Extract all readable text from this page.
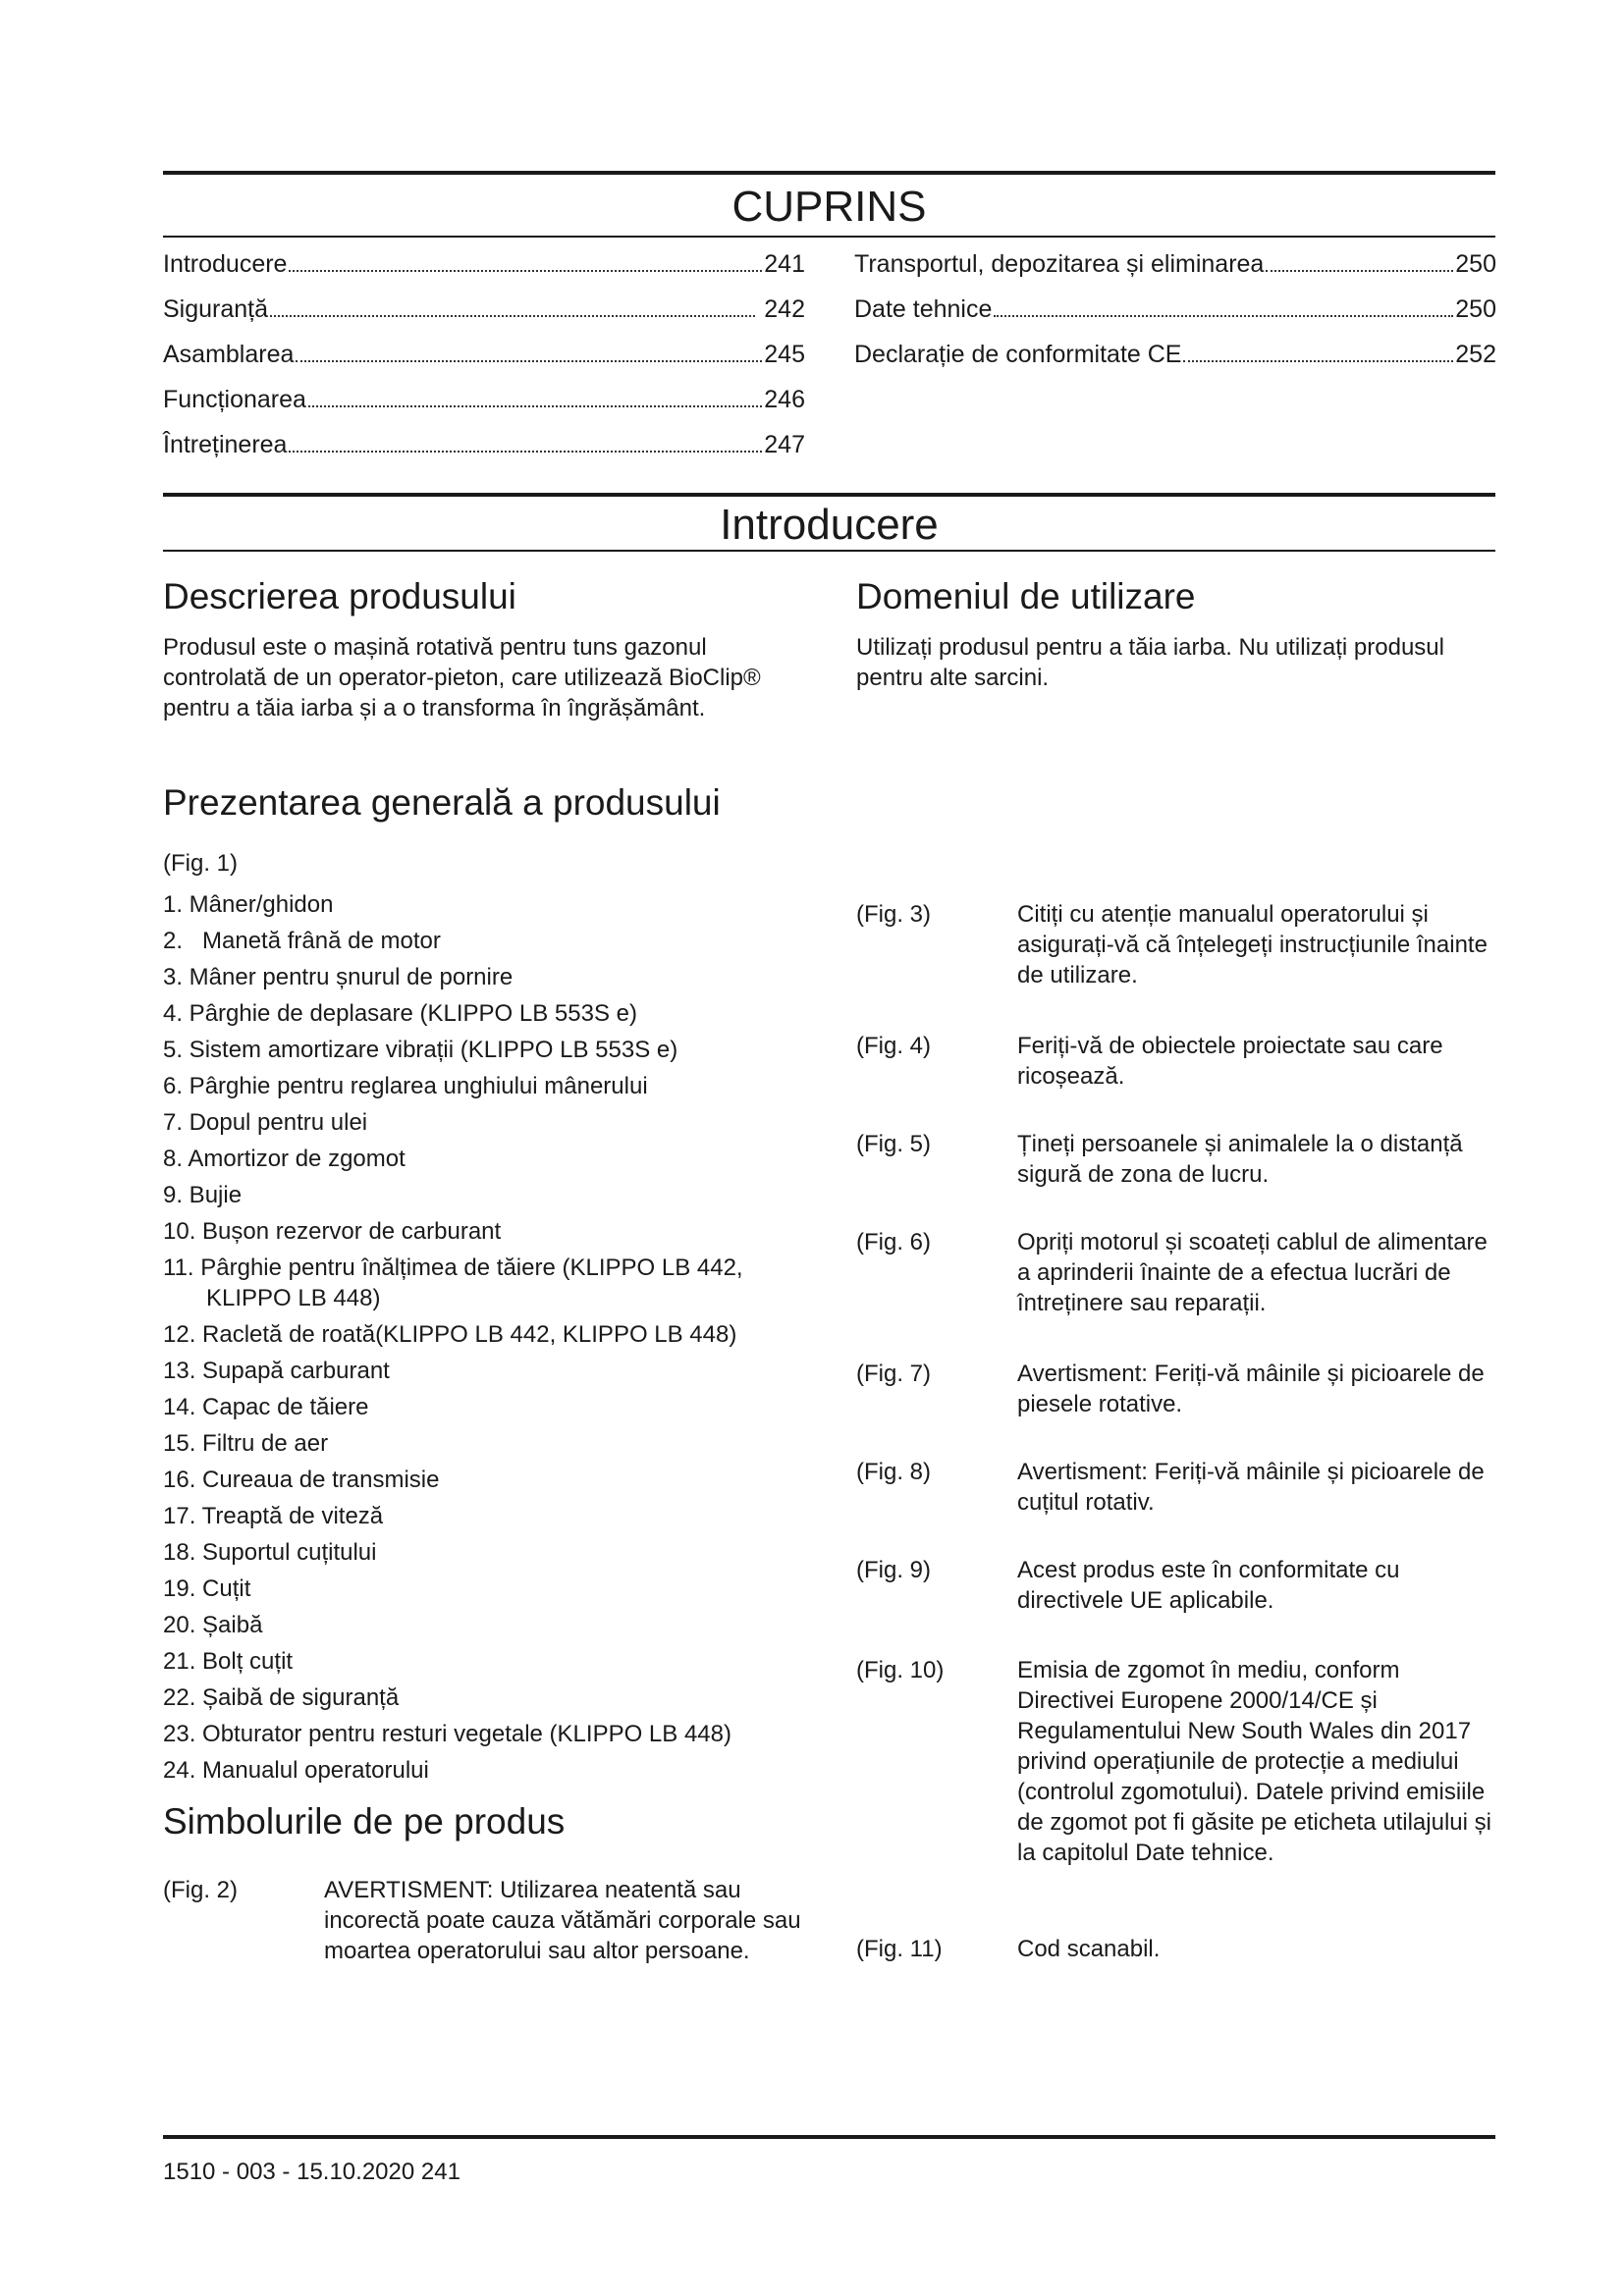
CUPRINS
Introducere	241
Siguranță	242
Asamblarea	245
Funcționarea	246
Întreținerea	247
Transportul, depozitarea și eliminarea	250
Date tehnice	250
Declarație de conformitate CE	252
Introducere
Descrierea produsului

Produsul este o mașină rotativă pentru tuns gazonul controlată de un operator-pieton, care utilizează BioClip® pentru a tăia iarba și a o transforma în îngrășământ.

Domeniul de utilizare

Utilizați produsul pentru a tăia iarba. Nu utilizați produsul pentru alte sarcini.

Prezentarea generală a produsului

(Fig. 1)

1. Mâner/ghidon
2.   Manetă frână de motor
3. Mâner pentru șnurul de pornire
4. Pârghie de deplasare (KLIPPO LB 553S e)
5. Sistem amortizare vibrații (KLIPPO LB 553S e)
6. Pârghie pentru reglarea unghiului mânerului
7. Dopul pentru ulei
8. Amortizor de zgomot
9. Bujie
10. Bușon rezervor de carburant
11. Pârghie pentru înălțimea de tăiere (KLIPPO LB 442, KLIPPO LB 448)
12. Racletă de roată(KLIPPO LB 442, KLIPPO LB 448)
13. Supapă carburant
14. Capac de tăiere
15. Filtru de aer
16. Cureaua de transmisie
17. Treaptă de viteză
18. Suportul cuțitului
19. Cuțit
20. Șaibă
21. Bolț cuțit
22. Șaibă de siguranță
23. Obturator pentru resturi vegetale (KLIPPO LB 448)
24. Manualul operatorului
Simbolurile de pe produs
(Fig. 2)	AVERTISMENT: Utilizarea neatentă sau incorectă poate cauza vătămări corporale sau moartea operatorului sau altor persoane.
(Fig. 3)	Citiți cu atenție manualul operatorului și asigurați-vă că înțelegeți instrucțiunile înainte de utilizare.
(Fig. 4)	Feriți-vă de obiectele proiectate sau care ricoșează.
(Fig. 5)	Țineți persoanele și animalele la o distanță sigură de zona de lucru.
(Fig. 6)	Opriți motorul și scoateți cablul de alimentare a aprinderii înainte de a efectua lucrări de întreținere sau reparații.
(Fig. 7)	Avertisment: Feriți-vă mâinile și picioarele de piesele rotative.
(Fig. 8)	Avertisment: Feriți-vă mâinile și picioarele de cuțitul rotativ.
(Fig. 9)	Acest produs este în conformitate cu directivele UE aplicabile.
(Fig. 10)	Emisia de zgomot în mediu, conform Directivei Europene 2000/14/CE și Regulamentului New South Wales din 2017 privind operațiunile de protecție a mediului (controlul zgomotului). Datele privind emisiile de zgomot pot fi găsite pe eticheta utilajului și la capitolul Date tehnice.
(Fig. 11)	Cod scanabil.
1510 - 003 - 15.10.2020 241
